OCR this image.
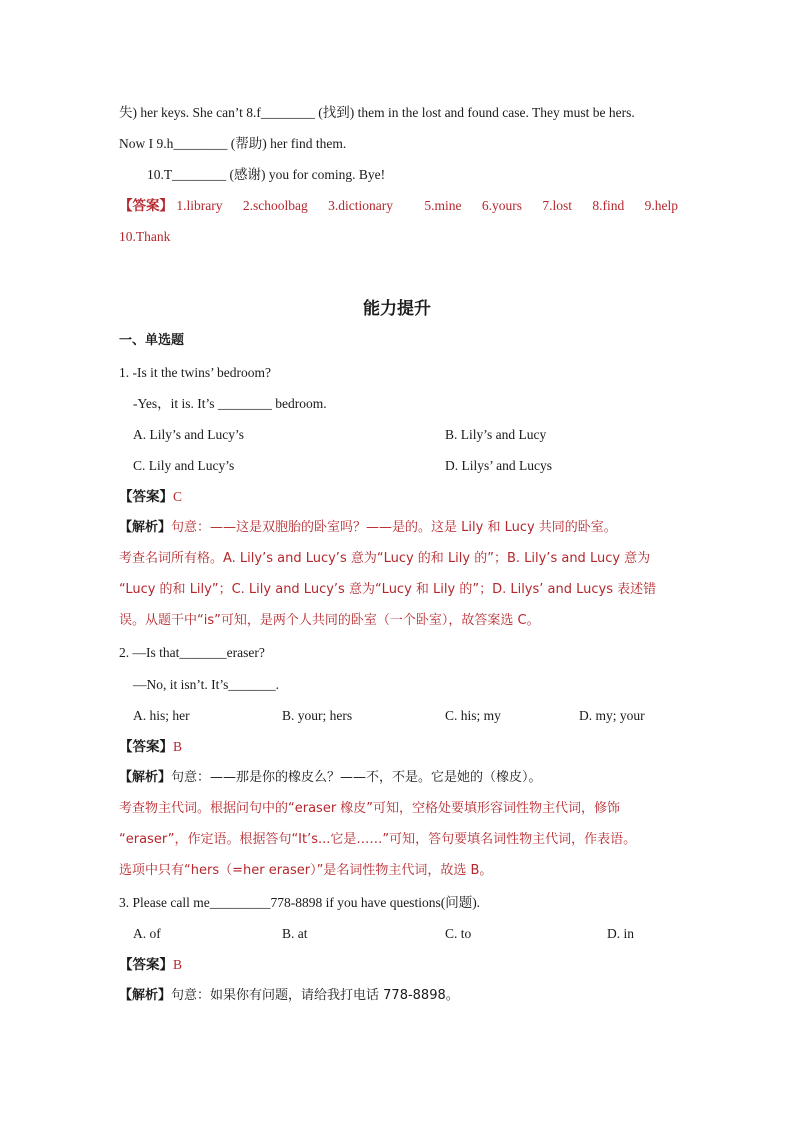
失) her keys. She can’t 8.f________ (找到) them in the lost and found case. They must be hers.
Now I 9.h________ (帮助) her find them.
10.T________ (感谢) you for coming. Bye!
【答案】 1.library 2.schoolbag 3.dictionary 5.mine 6.yours 7.lost 8.find 9.help
10.Thank
能力提升
一、单选题
1. -Is it the twins’ bedroom?
-Yes，it is. It’s ________ bedroom.
A. Lily’s and Lucy’s	B. Lily’s and Lucy
C. Lily and Lucy’s	D. Lilys’ and Lucys
【答案】C
【解析】句意：——这是双胞胎的卧室吗？——是的。这是 Lily 和 Lucy 共同的卧室。
考查名词所有格。A. Lily’s and Lucy’s 意为“Lucy 的和 Lily 的”；B. Lily’s and Lucy 意为
“Lucy 的和 Lily”；C. Lily and Lucy’s 意为“Lucy 和 Lily 的”；D. Lilys’ and Lucys 表述错
误。从题干中“is”可知，是两个人共同的卧室（一个卧室），故答案选 C。
2. —Is that_______eraser?
—No, it isn’t. It’s_______.
A. his; her	B. your; hers	C. his; my	D. my; your
【答案】B
【解析】句意：——那是你的橡皮么？——不，不是。它是她的（橡皮）。
考查物主代词。根据问句中的“eraser 橡皮”可知，空格处要填形容词性物主代词，修饰
“eraser”，作定语。根据答句“It’s...它是……”可知，答句要填名词性物主代词，作表语。
选项中只有“hers（=her eraser）”是名词性物主代词，故选 B。
3. Please call me_________778-8898 if you have questions(问题).
A. of	B. at	C. to	D. in
【答案】B
【解析】句意：如果你有问题，请给我打电话 778-8898。
